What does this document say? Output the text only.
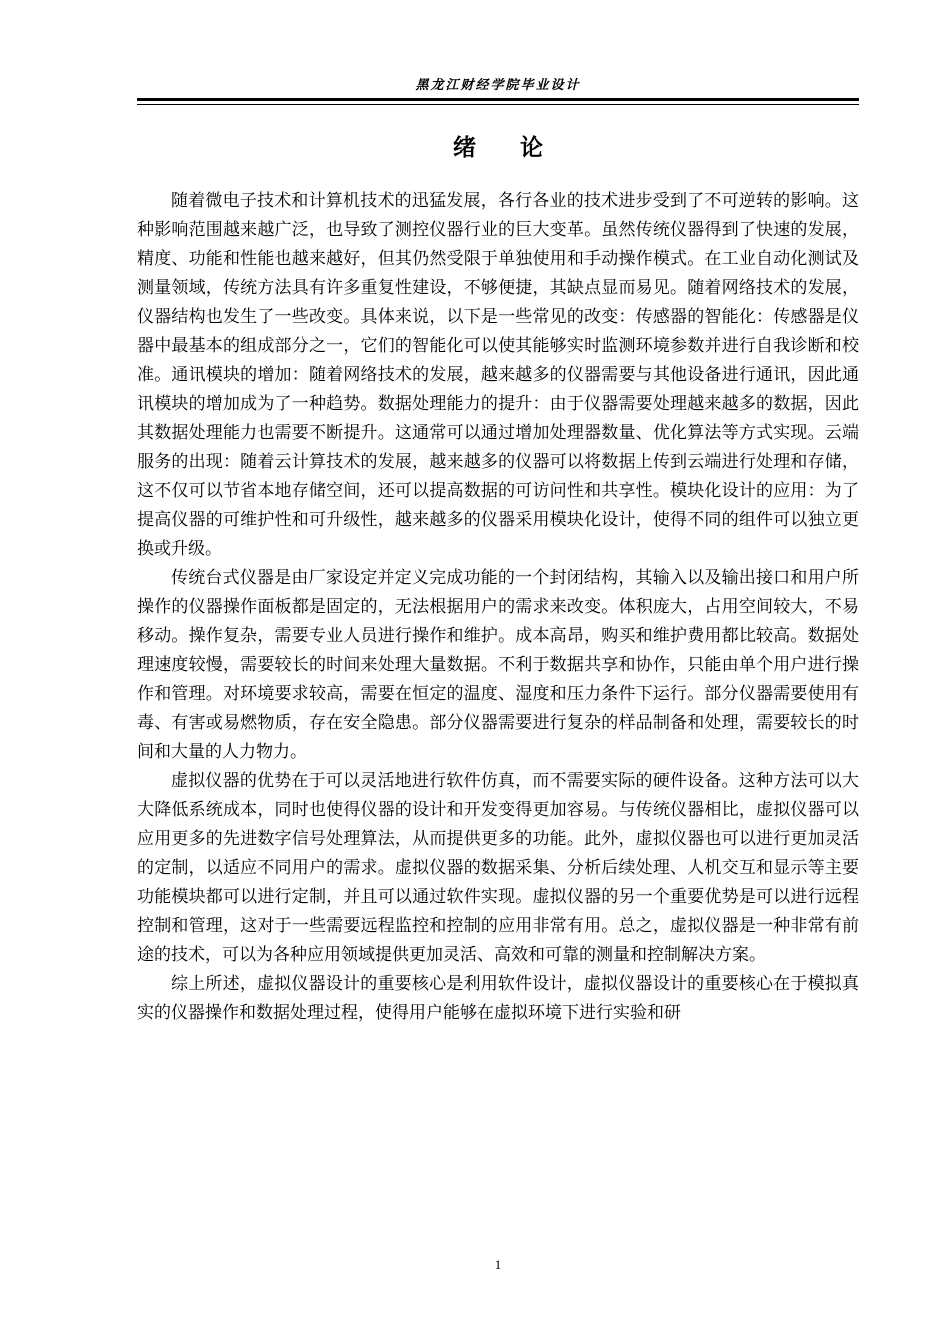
黑龙江财经学院毕业设计
绪论

随着微电子技术和计算机技术的迅猛发展，各行各业的技术进步受到了不可逆转的影响。这种影响范围越来越广泛，也导致了测控仪器行业的巨大变革。虽然传统仪器得到了快速的发展，精度、功能和性能也越来越好，但其仍然受限于单独使用和手动操作模式。在工业自动化测试及测量领域，传统方法具有许多重复性建设，不够便捷，其缺点显而易见。随着网络技术的发展，仪器结构也发生了一些改变。具体来说，以下是一些常见的改变：传感器的智能化：传感器是仪器中最基本的组成部分之一，它们的智能化可以使其能够实时监测环境参数并进行自我诊断和校准。通讯模块的增加：随着网络技术的发展，越来越多的仪器需要与其他设备进行通讯，因此通讯模块的增加成为了一种趋势。数据处理能力的提升：由于仪器需要处理越来越多的数据，因此其数据处理能力也需要不断提升。这通常可以通过增加处理器数量、优化算法等方式实现。云端服务的出现：随着云计算技术的发展，越来越多的仪器可以将数据上传到云端进行处理和存储，这不仅可以节省本地存储空间，还可以提高数据的可访问性和共享性。模块化设计的应用：为了提高仪器的可维护性和可升级性，越来越多的仪器采用模块化设计，使得不同的组件可以独立更换或升级。

传统台式仪器是由厂家设定并定义完成功能的一个封闭结构，其输入以及输出接口和用户所操作的仪器操作面板都是固定的，无法根据用户的需求来改变。体积庞大，占用空间较大，不易移动。操作复杂，需要专业人员进行操作和维护。成本高昂，购买和维护费用都比较高。数据处理速度较慢，需要较长的时间来处理大量数据。不利于数据共享和协作，只能由单个用户进行操作和管理。对环境要求较高，需要在恒定的温度、湿度和压力条件下运行。部分仪器需要使用有毒、有害或易燃物质，存在安全隐患。部分仪器需要进行复杂的样品制备和处理，需要较长的时间和大量的人力物力。

虚拟仪器的优势在于可以灵活地进行软件仿真，而不需要实际的硬件设备。这种方法可以大大降低系统成本，同时也使得仪器的设计和开发变得更加容易。与传统仪器相比，虚拟仪器可以应用更多的先进数字信号处理算法，从而提供更多的功能。此外，虚拟仪器也可以进行更加灵活的定制，以适应不同用户的需求。虚拟仪器的数据采集、分析后续处理、人机交互和显示等主要功能模块都可以进行定制，并且可以通过软件实现。虚拟仪器的另一个重要优势是可以进行远程控制和管理，这对于一些需要远程监控和控制的应用非常有用。总之，虚拟仪器是一种非常有前途的技术，可以为各种应用领域提供更加灵活、高效和可靠的测量和控制解决方案。

综上所述，虚拟仪器设计的重要核心是利用软件设计，虚拟仪器设计的重要核心在于模拟真实的仪器操作和数据处理过程，使得用户能够在虚拟环境下进行实验和研

1
